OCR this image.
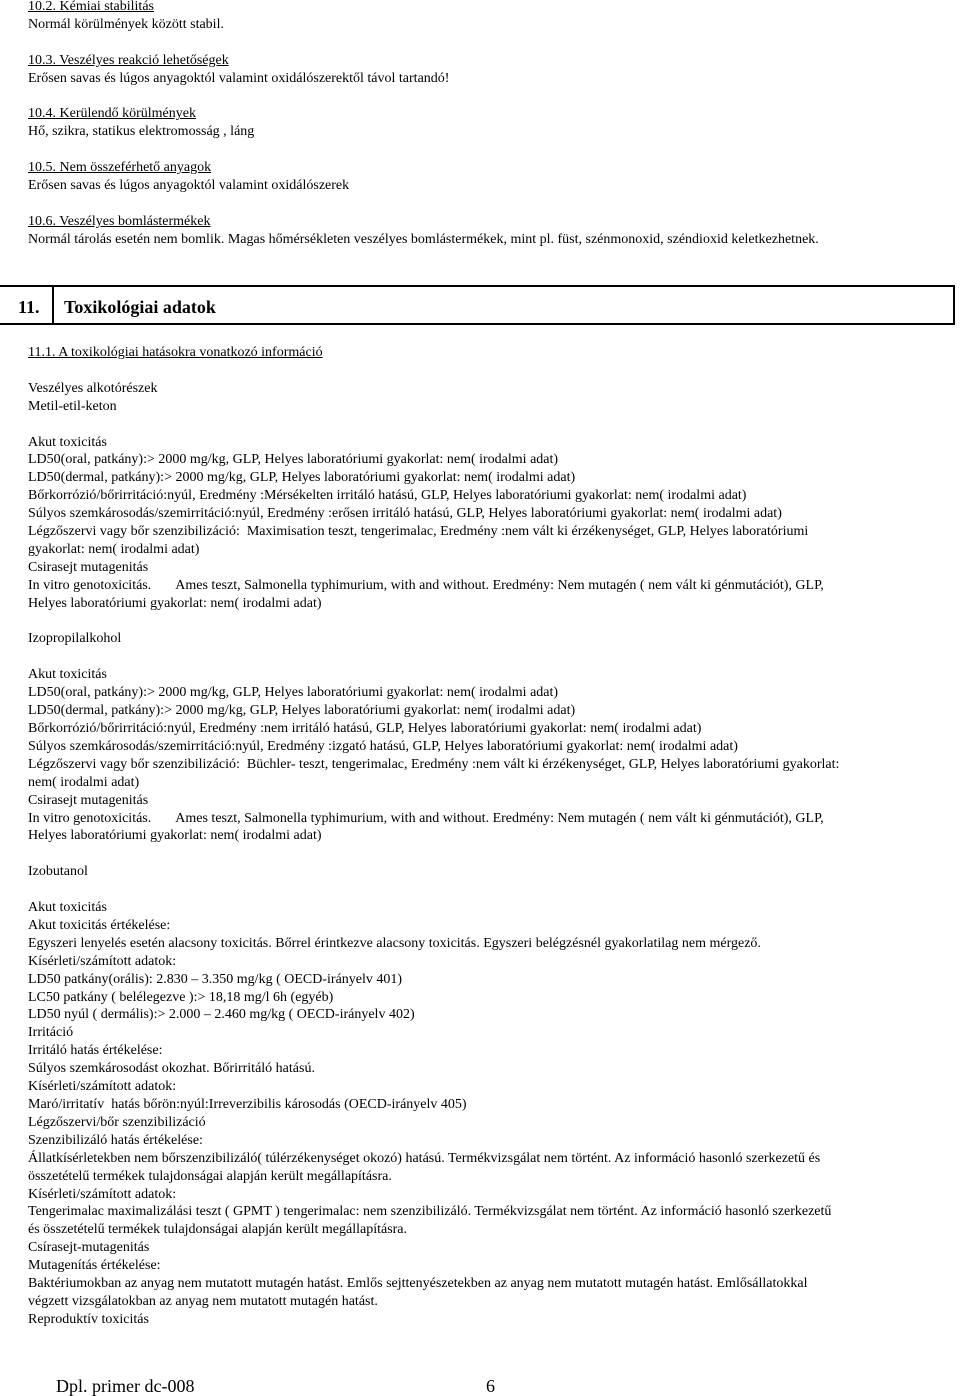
10.2. Kémiai stabilitás
Normál körülmények között stabil.
10.3. Veszélyes reakció lehetőségek
Erősen savas és lúgos anyagoktól valamint oxidálószerektől távol tartandó!
10.4. Kerülendő körülmények
Hő, szikra, statikus elektromosság , láng
10.5. Nem összeférhető anyagok
Erősen savas és lúgos anyagoktól valamint oxidálószerek
10.6. Veszélyes bomlástermékek
Normál tárolás esetén nem bomlik. Magas hőmérsékleten veszélyes bomlástermékek, mint pl. füst, szénmonoxid, széndioxid keletkezhetnek.
11.1. A toxikológiai hatásokra vonatkozó információ
Veszélyes alkotórészek
Metil-etil-keton
Akut toxicitás
LD50(oral, patkány):> 2000 mg/kg, GLP, Helyes laboratóriumi gyakorlat: nem( irodalmi adat)
LD50(dermal, patkány):> 2000 mg/kg, GLP, Helyes laboratóriumi gyakorlat: nem( irodalmi adat)
Bőrkorrózió/bőrirritáció:nyúl, Eredmény :Mérsékelten irritáló hatású, GLP, Helyes laboratóriumi gyakorlat: nem( irodalmi adat)
Súlyos szemkárosodás/szemirritáció:nyúl, Eredmény :erősen irritáló hatású, GLP, Helyes laboratóriumi gyakorlat: nem( irodalmi adat)
Légzőszervi vagy bőr szenzibilizáció:  Maximisation teszt, tengerimalac, Eredmény :nem vált ki érzékenységet, GLP, Helyes laboratóriumi
gyakorlat: nem( irodalmi adat)
Csirasejt mutagenitás
In vitro genotoxicitás. Ames teszt, Salmonella typhimurium, with and without. Eredmény: Nem mutagén ( nem vált ki génmutációt), GLP,
Helyes laboratóriumi gyakorlat: nem( irodalmi adat)
Izopropilalkohol
Akut toxicitás
LD50(oral, patkány):> 2000 mg/kg, GLP, Helyes laboratóriumi gyakorlat: nem( irodalmi adat)
LD50(dermal, patkány):> 2000 mg/kg, GLP, Helyes laboratóriumi gyakorlat: nem( irodalmi adat)
Bőrkorrózió/bőrirritáció:nyúl, Eredmény :nem irritáló hatású, GLP, Helyes laboratóriumi gyakorlat: nem( irodalmi adat)
Súlyos szemkárosodás/szemirritáció:nyúl, Eredmény :izgató hatású, GLP, Helyes laboratóriumi gyakorlat: nem( irodalmi adat)
Légzőszervi vagy bőr szenzibilizáció:  Büchler- teszt, tengerimalac, Eredmény :nem vált ki érzékenységet, GLP, Helyes laboratóriumi gyakorlat:
nem( irodalmi adat)
Csirasejt mutagenitás
In vitro genotoxicitás. Ames teszt, Salmonella typhimurium, with and without. Eredmény: Nem mutagén ( nem vált ki génmutációt), GLP,
Helyes laboratóriumi gyakorlat: nem( irodalmi adat)
Izobutanol
Akut toxicitás
Akut toxicitás értékelése:
Egyszeri lenyelés esetén alacsony toxicitás. Bőrrel érintkezve alacsony toxicitás. Egyszeri belégzésnél gyakorlatilag nem mérgező.
Kísérleti/számított adatok:
LD50 patkány(orális): 2.830 – 3.350 mg/kg ( OECD-irányelv 401)
LC50 patkány ( belélegezve ):> 18,18 mg/l 6h (egyéb)
LD50 nyúl ( dermális):> 2.000 – 2.460 mg/kg ( OECD-irányelv 402)
Irritáció
Irritáló hatás értékelése:
Súlyos szemkárosodást okozhat. Bőrirritáló hatású.
Kísérleti/számított adatok:
Maró/irritatív  hatás bőrön:nyúl:Irreverzibilis károsodás (OECD-irányelv 405)
Légzőszervi/bőr szenzibilizáció
Szenzibilizáló hatás értékelése:
Állatkísérletekben nem bőrszenzibilizáló( túlérzékenységet okozó) hatású. Termékvizsgálat nem történt. Az információ hasonló szerkezetű és
összetételű termékek tulajdonságai alapján került megállapításra.
Kísérleti/számított adatok:
Tengerimalac maximalizálási teszt ( GPMT ) tengerimalac: nem szenzibilizáló. Termékvizsgálat nem történt. Az információ hasonló szerkezetű
és összetételű termékek tulajdonságai alapján került megállapításra.
Csírasejt-mutagenitás
Mutagenítás értékelése:
Baktériumokban az anyag nem mutatott mutagén hatást. Emlős sejttenyészetekben az anyag nem mutatott mutagén hatást. Emlősállatokkal
végzett vizsgálatokban az anyag nem mutatott mutagén hatást.
Reproduktív toxicitás
11. Toxikológiai adatok
Dpl. primer dc-008	6
